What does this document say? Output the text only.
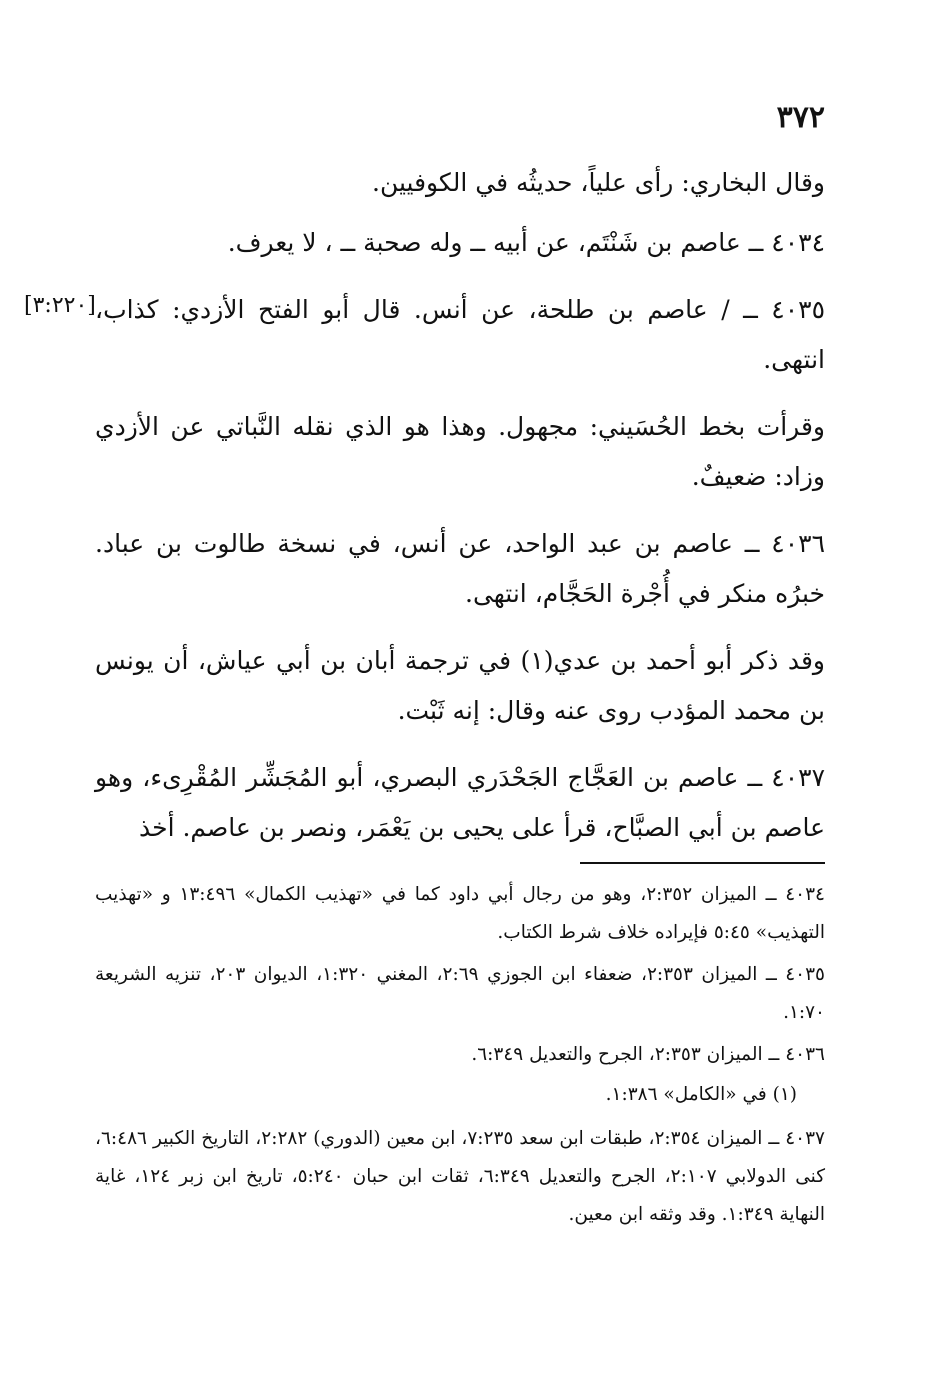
٣٧٢
[٣:٢٢٠]
وقال البخاري: رأى علياً، حديثُه في الكوفيين.
٤٠٣٤ ــ عاصم بن شَنْتَم، عن أبيه ــ وله صحبة ــ ، لا يعرف.
٤٠٣٥ ــ / عاصم بن طلحة، عن أنس. قال أبو الفتح الأزدي: كذاب، انتهى.
وقرأت بخط الحُسَيني: مجهول. وهذا هو الذي نقله النَّباتي عن الأزدي وزاد: ضعيفٌ.
٤٠٣٦ ــ عاصم بن عبد الواحد، عن أنس، في نسخة طالوت بن عباد. خبرُه منكر في أُجْرة الحَجَّام، انتهى.
وقد ذكر أبو أحمد بن عدي(١) في ترجمة أبان بن أبي عياش، أن يونس بن محمد المؤدب روى عنه وقال: إنه ثَبْت.
٤٠٣٧ ــ عاصم بن العَجَّاج الجَحْدَري البصري، أبو المُجَشِّر المُقْرِىء، وهو عاصم بن أبي الصبَّاح، قرأ على يحيى بن يَعْمَر، ونصر بن عاصم. أخذ
٤٠٣٤ ــ الميزان ٢:٣٥٢، وهو من رجال أبي داود كما في «تهذيب الكمال» ١٣:٤٩٦ و «تهذيب التهذيب» ٥:٤٥ فإيراده خلاف شرط الكتاب.
٤٠٣٥ ــ الميزان ٢:٣٥٣، ضعفاء ابن الجوزي ٢:٦٩، المغني ١:٣٢٠، الديوان ٢٠٣، تنزيه الشريعة ١:٧٠.
٤٠٣٦ ــ الميزان ٢:٣٥٣، الجرح والتعديل ٦:٣٤٩.
(١) في «الكامل» ١:٣٨٦.
٤٠٣٧ ــ الميزان ٢:٣٥٤، طبقات ابن سعد ٧:٢٣٥، ابن معين (الدوري) ٢:٢٨٢، التاريخ الكبير ٦:٤٨٦، كنى الدولابي ٢:١٠٧، الجرح والتعديل ٦:٣٤٩، ثقات ابن حبان ٥:٢٤٠، تاريخ ابن زبر ١٢٤، غاية النهاية ١:٣٤٩. وقد وثقه ابن معين.
